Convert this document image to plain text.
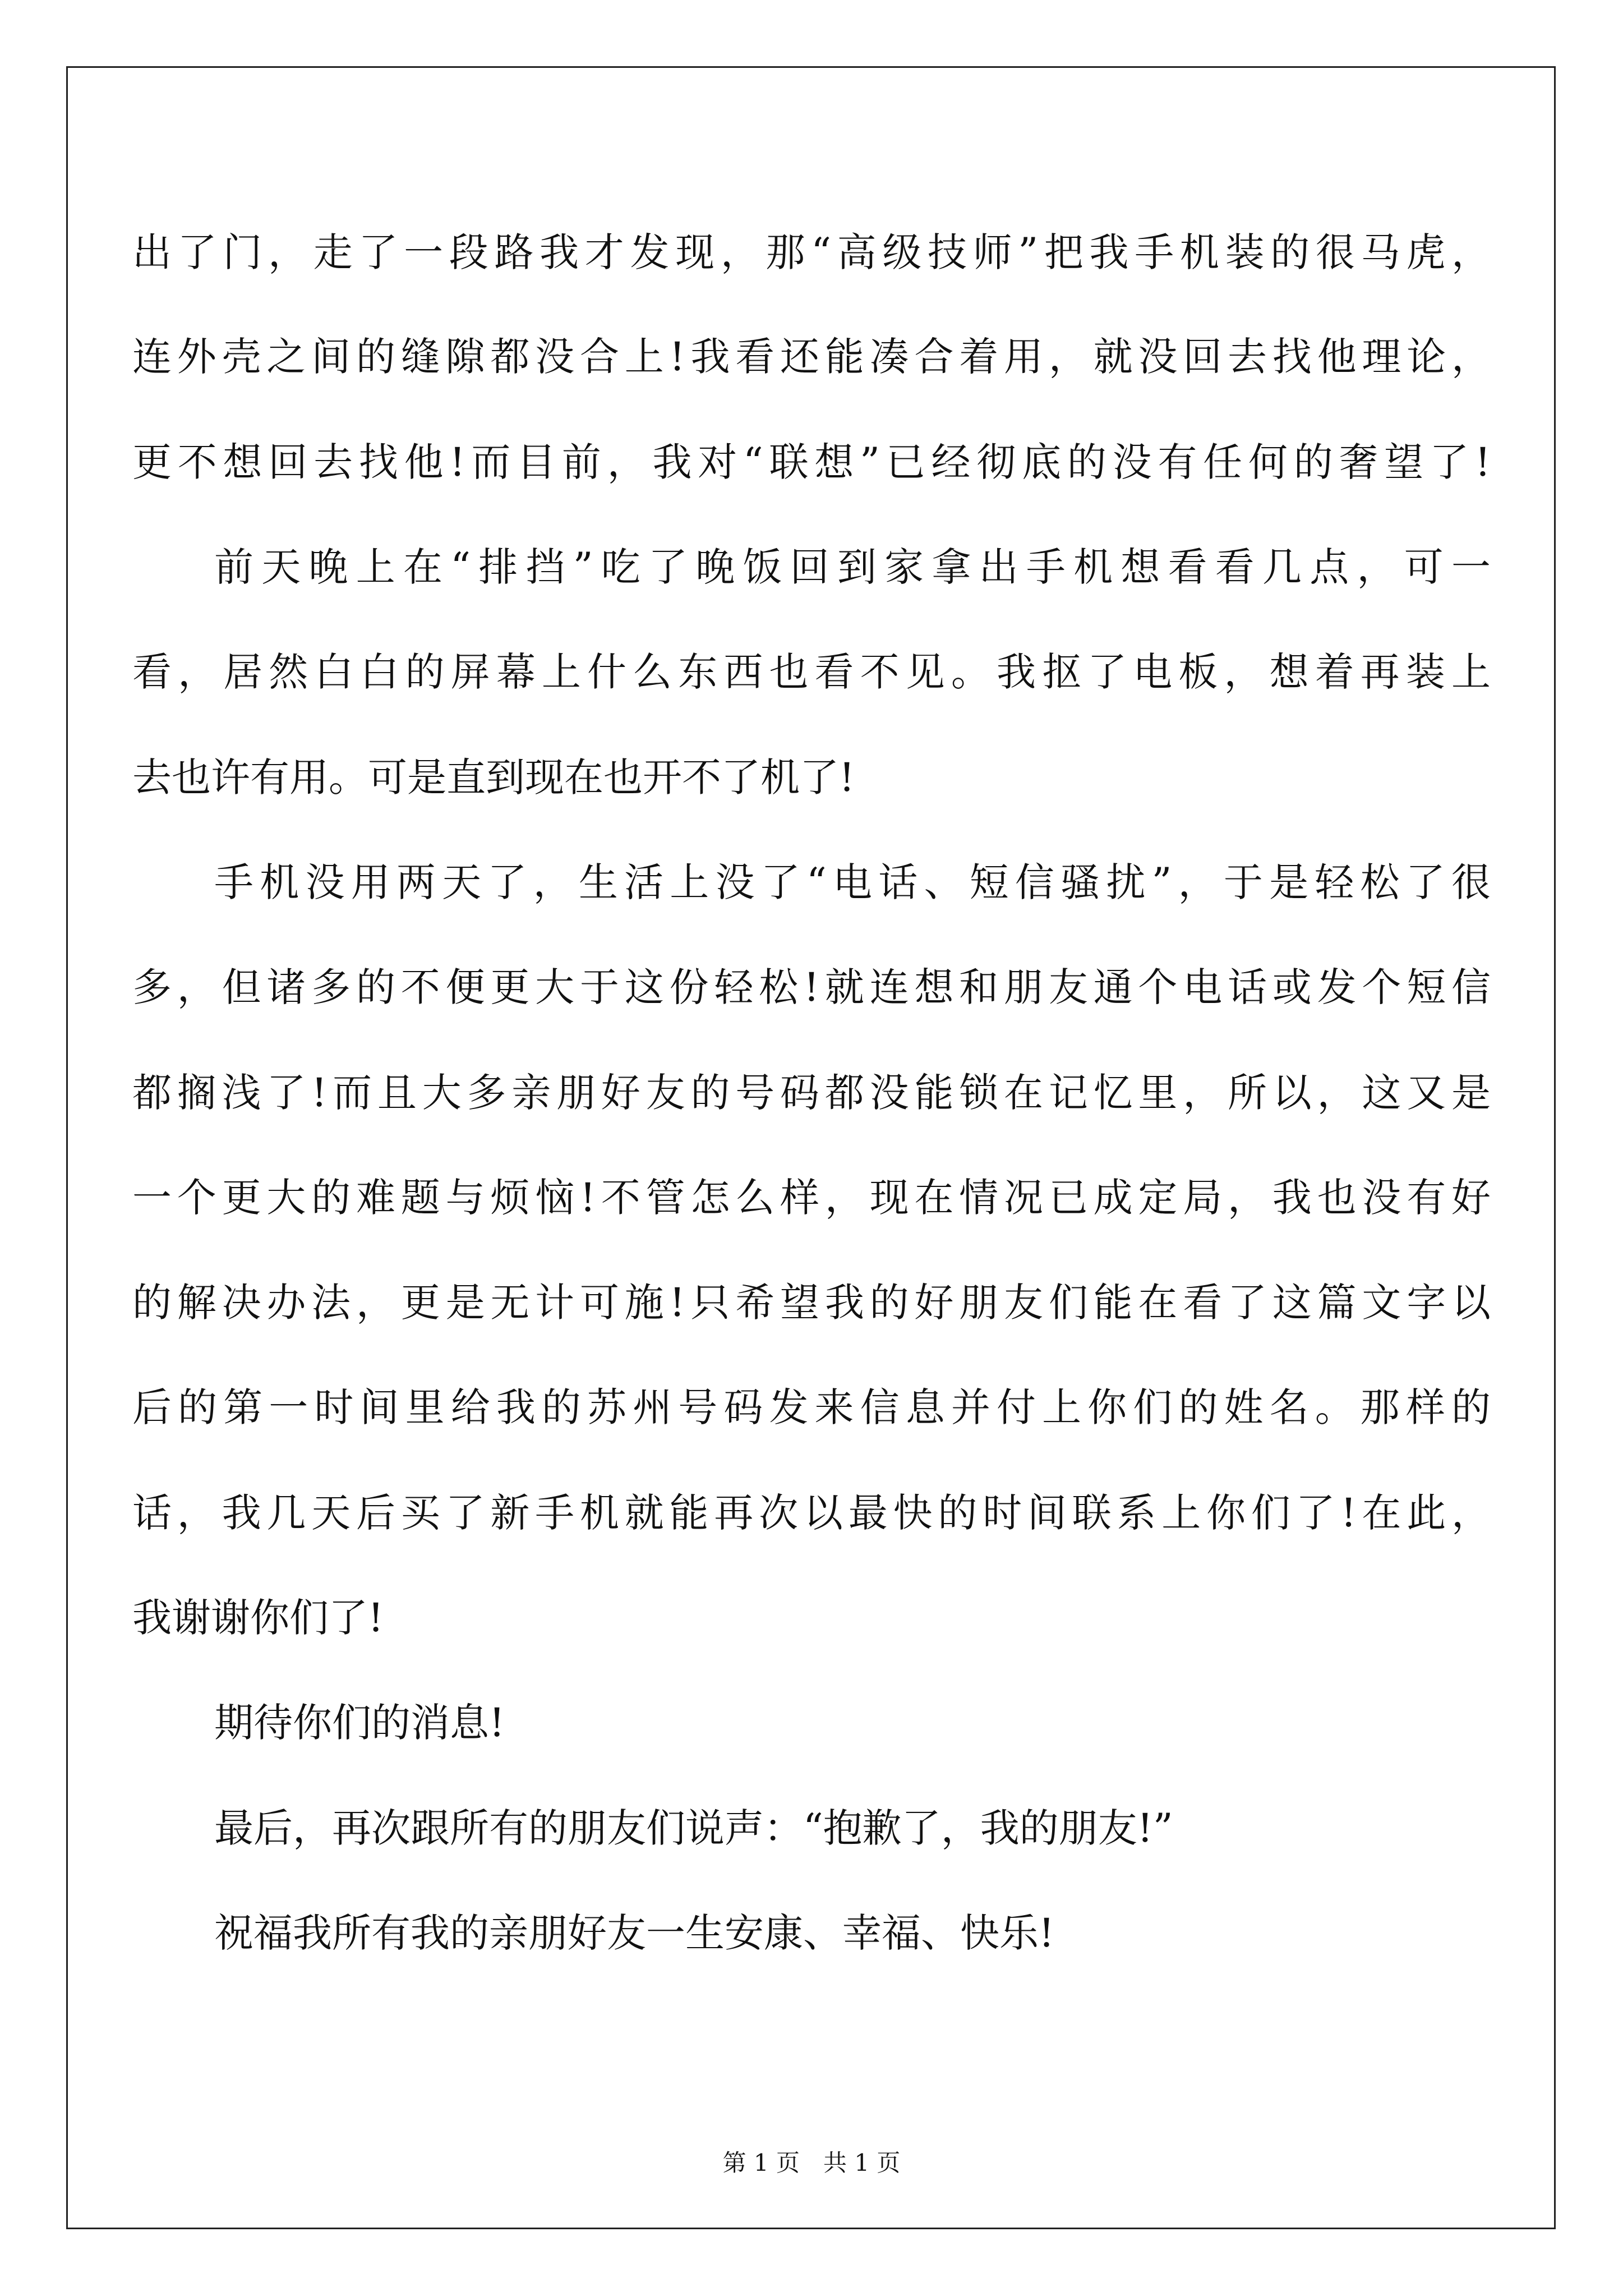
出了门，走了一段路我才发现，那“高级技师”把我手机装的很马虎，
连外壳之间的缝隙都没合上!我看还能凑合着用，就没回去找他理论，
更不想回去找他!而目前，我对“联想”已经彻底的没有任何的奢望了!
前天晚上在“排挡”吃了晚饭回到家拿出手机想看看几点，可一
看，居然白白的屏幕上什么东西也看不见。我抠了电板，想着再装上
去也许有用。可是直到现在也开不了机了!
手机没用两天了，生活上没了“电话、短信骚扰”，于是轻松了很
多，但诸多的不便更大于这份轻松!就连想和朋友通个电话或发个短信
都搁浅了!而且大多亲朋好友的号码都没能锁在记忆里，所以，这又是
一个更大的难题与烦恼!不管怎么样，现在情况已成定局，我也没有好
的解决办法，更是无计可施!只希望我的好朋友们能在看了这篇文字以
后的第一时间里给我的苏州号码发来信息并付上你们的姓名。那样的
话，我几天后买了新手机就能再次以最快的时间联系上你们了!在此，
我谢谢你们了!
期待你们的消息!
最后，再次跟所有的朋友们说声：“抱歉了，我的朋友!”
祝福我所有我的亲朋好友一生安康、幸福、快乐!
第 1 页　共 1 页
